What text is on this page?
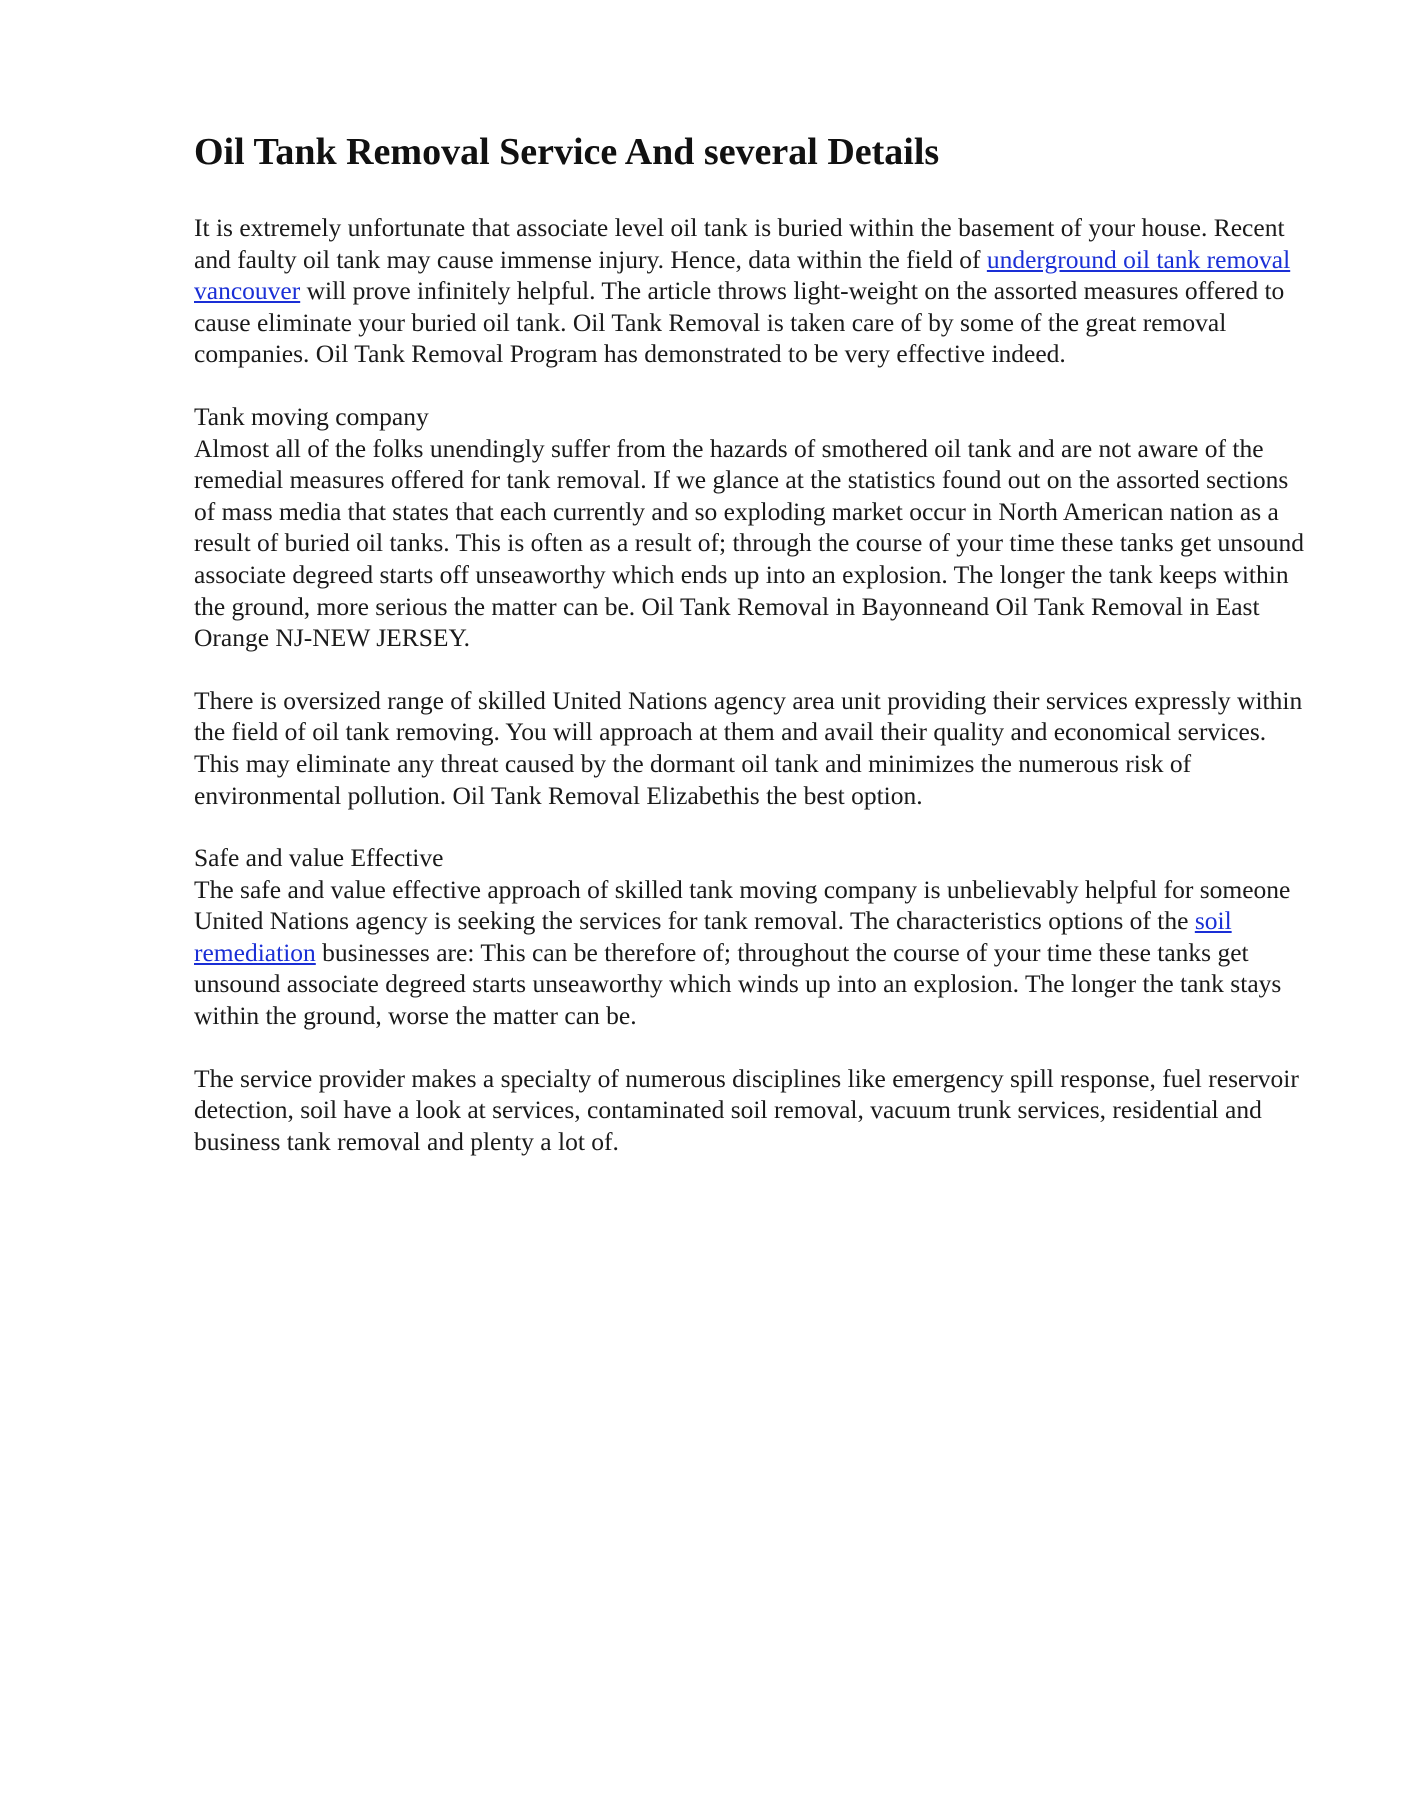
Oil Tank Removal Service And several Details

It is extremely unfortunate that associate level oil tank is buried within the basement of your house. Recent and faulty oil tank may cause immense injury. Hence, data within the field of underground oil tank removal vancouver will prove infinitely helpful. The article throws light-weight on the assorted measures offered to cause eliminate your buried oil tank. Oil Tank Removal is taken care of by some of the great removal companies. Oil Tank Removal Program has demonstrated to be very effective indeed.

Tank moving company
Almost all of the folks unendingly suffer from the hazards of smothered oil tank and are not aware of the remedial measures offered for tank removal. If we glance at the statistics found out on the assorted sections of mass media that states that each currently and so exploding market occur in North American nation as a result of buried oil tanks. This is often as a result of; through the course of your time these tanks get unsound associate degreed starts off unseaworthy which ends up into an explosion. The longer the tank keeps within the ground, more serious the matter can be. Oil Tank Removal in Bayonneand Oil Tank Removal in East Orange NJ-NEW JERSEY.

There is oversized range of skilled United Nations agency area unit providing their services expressly within the field of oil tank removing. You will approach at them and avail their quality and economical services. This may eliminate any threat caused by the dormant oil tank and minimizes the numerous risk of environmental pollution. Oil Tank Removal Elizabethis the best option.

Safe and value Effective
The safe and value effective approach of skilled tank moving company is unbelievably helpful for someone United Nations agency is seeking the services for tank removal. The characteristics options of the soil remediation businesses are: This can be therefore of; throughout the course of your time these tanks get unsound associate degreed starts unseaworthy which winds up into an explosion. The longer the tank stays within the ground, worse the matter can be.

The service provider makes a specialty of numerous disciplines like emergency spill response, fuel reservoir detection, soil have a look at services, contaminated soil removal, vacuum trunk services, residential and business tank removal and plenty a lot of.
